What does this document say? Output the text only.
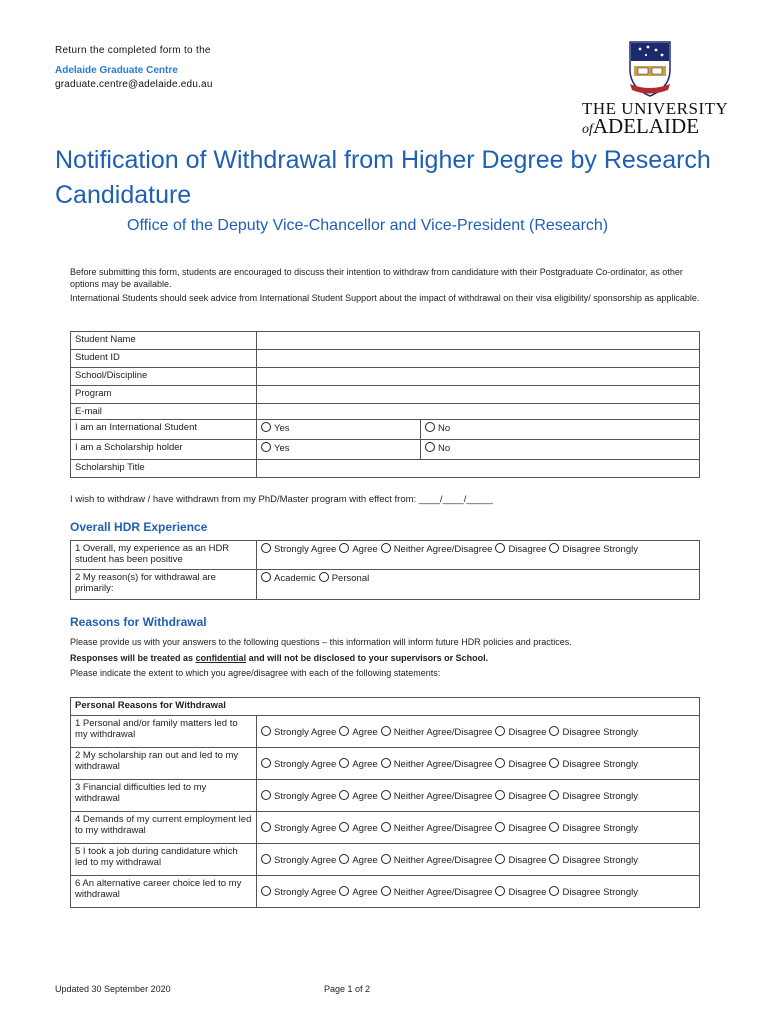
Return the completed form to the
Adelaide Graduate Centre
graduate.centre@adelaide.edu.au
THE UNIVERSITY
ofADELAIDE
Notification of Withdrawal from Higher Degree by Research Candidature
Office of the Deputy Vice-Chancellor and Vice-President (Research)
Before submitting this form, students are encouraged to discuss their intention to withdraw from candidature with their Postgraduate Co-ordinator, as other options may be available.
International Students should seek advice from International Student Support about the impact of withdrawal on their visa eligibility/ sponsorship as applicable.
Student Name		
Student ID		
School/Discipline		
Program		
E-mail		
I am an International Student	Yes	No
I am a Scholarship holder	Yes	No
Scholarship Title		
I wish to withdraw / have withdrawn from my PhD/Master program with effect from: ____/____/_____
Overall HDR Experience
1 Overall, my experience as an HDR student has been positive	Strongly Agree Agree Neither Agree/Disagree Disagree Disagree Strongly
2 My reason(s) for withdrawal are primarily:	Academic Personal
Reasons for Withdrawal
Please provide us with your answers to the following questions – this information will inform future HDR policies and practices.
Responses will be treated as confidential and will not be disclosed to your supervisors or School.
Please indicate the extent to which you agree/disagree with each of the following statements:
Personal Reasons for Withdrawal	
1 Personal and/or family matters led to my withdrawal	Strongly Agree Agree Neither Agree/Disagree Disagree Disagree Strongly
2 My scholarship ran out and led to my withdrawal	Strongly Agree Agree Neither Agree/Disagree Disagree Disagree Strongly
3 Financial difficulties led to my withdrawal	Strongly Agree Agree Neither Agree/Disagree Disagree Disagree Strongly
4 Demands of my current employment led to my withdrawal	Strongly Agree Agree Neither Agree/Disagree Disagree Disagree Strongly
5 I took a job during candidature which led to my withdrawal	Strongly Agree Agree Neither Agree/Disagree Disagree Disagree Strongly
6 An alternative career choice led to my withdrawal	Strongly Agree Agree Neither Agree/Disagree Disagree Disagree Strongly
Updated 30 September 2020	Page 1 of 2
